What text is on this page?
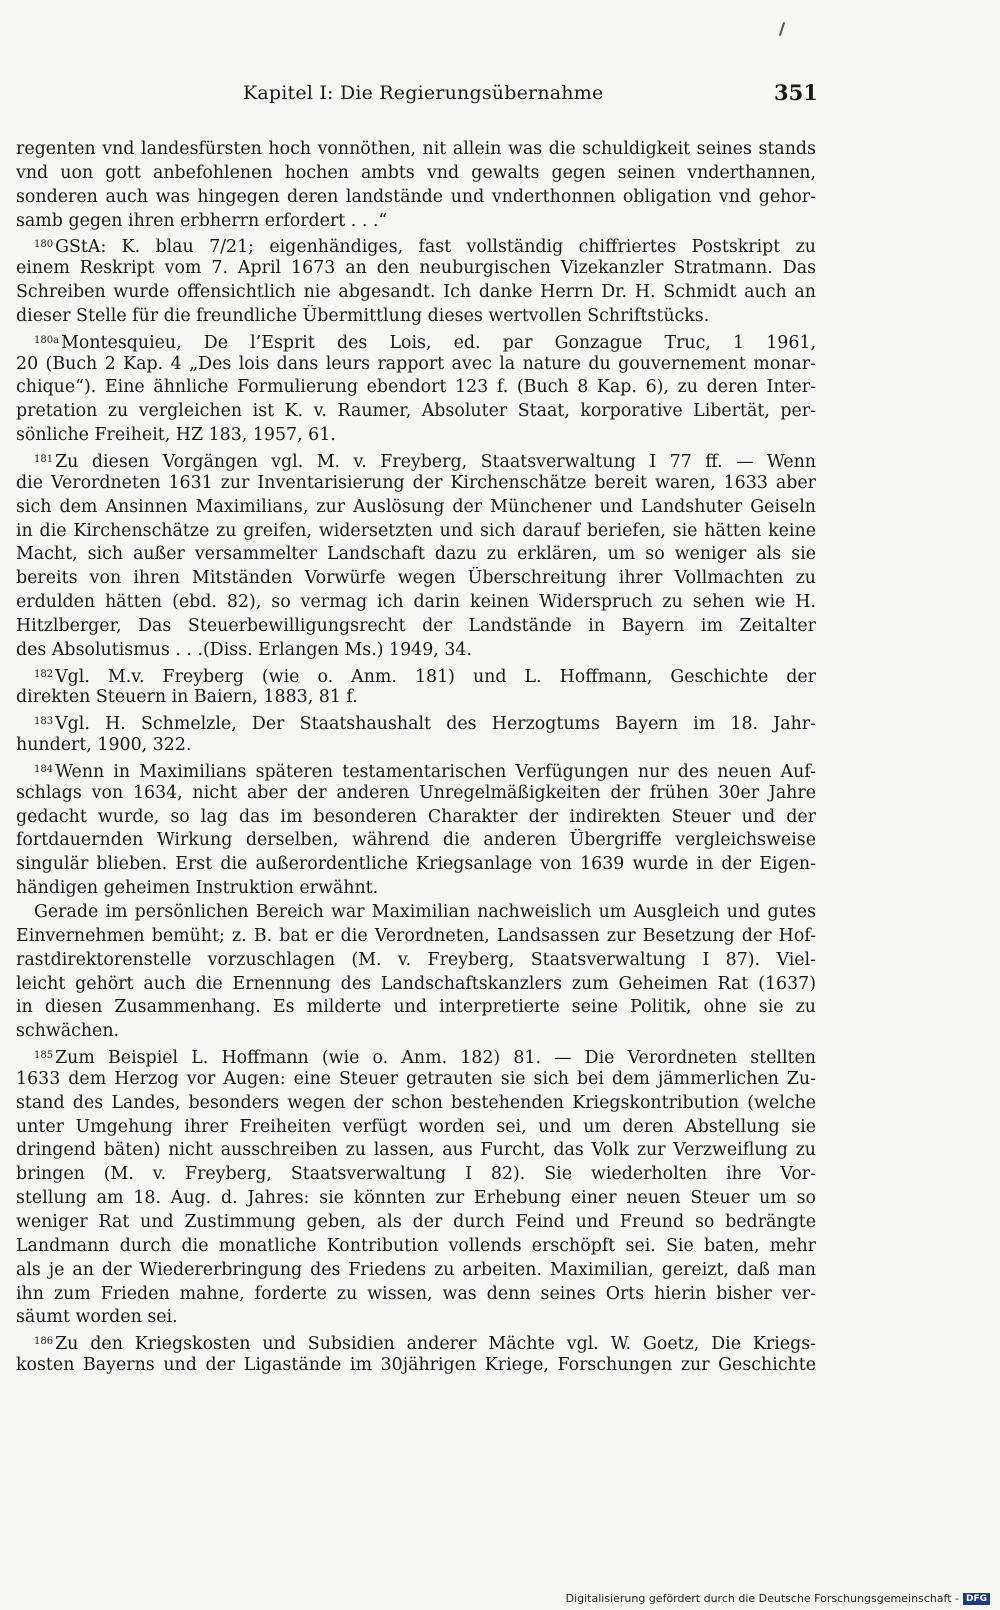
Kapitel I: Die Regierungsübernahme	351
regenten vnd landesfürsten hoch vonnöthen, nit allein was die schuldigkeit seines stands
vnd uon gott anbefohlenen hochen ambts vnd gewalts gegen seinen vnderthannen,
sonderen auch was hingegen deren landstände und vnderthonnen obligation vnd gehor-
samb gegen ihren erbherrn erfordert . . .“
$^{180}$ GStA: K. blau 7/21; eigenhändiges, fast vollständig chiffriertes Postskript zu
einem Reskript vom 7. April 1673 an den neuburgischen Vizekanzler Stratmann. Das
Schreiben wurde offensichtlich nie abgesandt. Ich danke Herrn Dr. H. Schmidt auch an
dieser Stelle für die freundliche Übermittlung dieses wertvollen Schriftstücks.
$^{180a}$ Montesquieu, De l’Esprit des Lois, ed. par Gonzague Truc, 1 1961,
20 (Buch 2 Kap. 4 „Des lois dans leurs rapport avec la nature du gouvernement monar-
chique“). Eine ähnliche Formulierung ebendort 123 f. (Buch 8 Kap. 6), zu deren Inter-
pretation zu vergleichen ist K. v. Raumer, Absoluter Staat, korporative Libertät, per-
sönliche Freiheit, HZ 183, 1957, 61.
$^{181}$ Zu diesen Vorgängen vgl. M. v. Freyberg, Staatsverwaltung I 77 ff. — Wenn
die Verordneten 1631 zur Inventarisierung der Kirchenschätze bereit waren, 1633 aber
sich dem Ansinnen Maximilians, zur Auslösung der Münchener und Landshuter Geiseln
in die Kirchenschätze zu greifen, widersetzten und sich darauf beriefen, sie hätten keine
Macht, sich außer versammelter Landschaft dazu zu erklären, um so weniger als sie
bereits von ihren Mitständen Vorwürfe wegen Überschreitung ihrer Vollmachten zu
erdulden hätten (ebd. 82), so vermag ich darin keinen Widerspruch zu sehen wie H.
Hitzlberger, Das Steuerbewilligungsrecht der Landstände in Bayern im Zeitalter
des Absolutismus . . .(Diss. Erlangen Ms.) 1949, 34.
$^{182}$ Vgl. M.v. Freyberg (wie o. Anm. 181) und L. Hoffmann, Geschichte der
direkten Steuern in Baiern, 1883, 81 f.
$^{183}$ Vgl. H. Schmelzle, Der Staatshaushalt des Herzogtums Bayern im 18. Jahr-
hundert, 1900, 322.
$^{184}$ Wenn in Maximilians späteren testamentarischen Verfügungen nur des neuen Auf-
schlags von 1634, nicht aber der anderen Unregelmäßigkeiten der frühen 30er Jahre
gedacht wurde, so lag das im besonderen Charakter der indirekten Steuer und der
fortdauernden Wirkung derselben, während die anderen Übergriffe vergleichsweise
singulär blieben. Erst die außerordentliche Kriegsanlage von 1639 wurde in der Eigen-
händigen geheimen Instruktion erwähnt.
Gerade im persönlichen Bereich war Maximilian nachweislich um Ausgleich und gutes
Einvernehmen bemüht; z. B. bat er die Verordneten, Landsassen zur Besetzung der Hof-
rastdirektorenstelle vorzuschlagen (M. v. Freyberg, Staatsverwaltung I 87). Viel-
leicht gehört auch die Ernennung des Landschaftskanzlers zum Geheimen Rat (1637)
in diesen Zusammenhang. Es milderte und interpretierte seine Politik, ohne sie zu
schwächen.
$^{185}$ Zum Beispiel L. Hoffmann (wie o. Anm. 182) 81. — Die Verordneten stellten
1633 dem Herzog vor Augen: eine Steuer getrauten sie sich bei dem jämmerlichen Zu-
stand des Landes, besonders wegen der schon bestehenden Kriegskontribution (welche
unter Umgehung ihrer Freiheiten verfügt worden sei, und um deren Abstellung sie
dringend bäten) nicht ausschreiben zu lassen, aus Furcht, das Volk zur Verzweiflung zu
bringen (M. v. Freyberg, Staatsverwaltung I 82). Sie wiederholten ihre Vor-
stellung am 18. Aug. d. Jahres: sie könnten zur Erhebung einer neuen Steuer um so
weniger Rat und Zustimmung geben, als der durch Feind und Freund so bedrängte
Landmann durch die monatliche Kontribution vollends erschöpft sei. Sie baten, mehr
als je an der Wiedererbringung des Friedens zu arbeiten. Maximilian, gereizt, daß man
ihn zum Frieden mahne, forderte zu wissen, was denn seines Orts hierin bisher ver-
säumt worden sei.
$^{186}$ Zu den Kriegskosten und Subsidien anderer Mächte vgl. W. Goetz, Die Kriegs-
kosten Bayerns und der Ligastände im 30jährigen Kriege, Forschungen zur Geschichte
Digitalisierung gefördert durch die Deutsche Forschungsgemeinschaft - DFG
